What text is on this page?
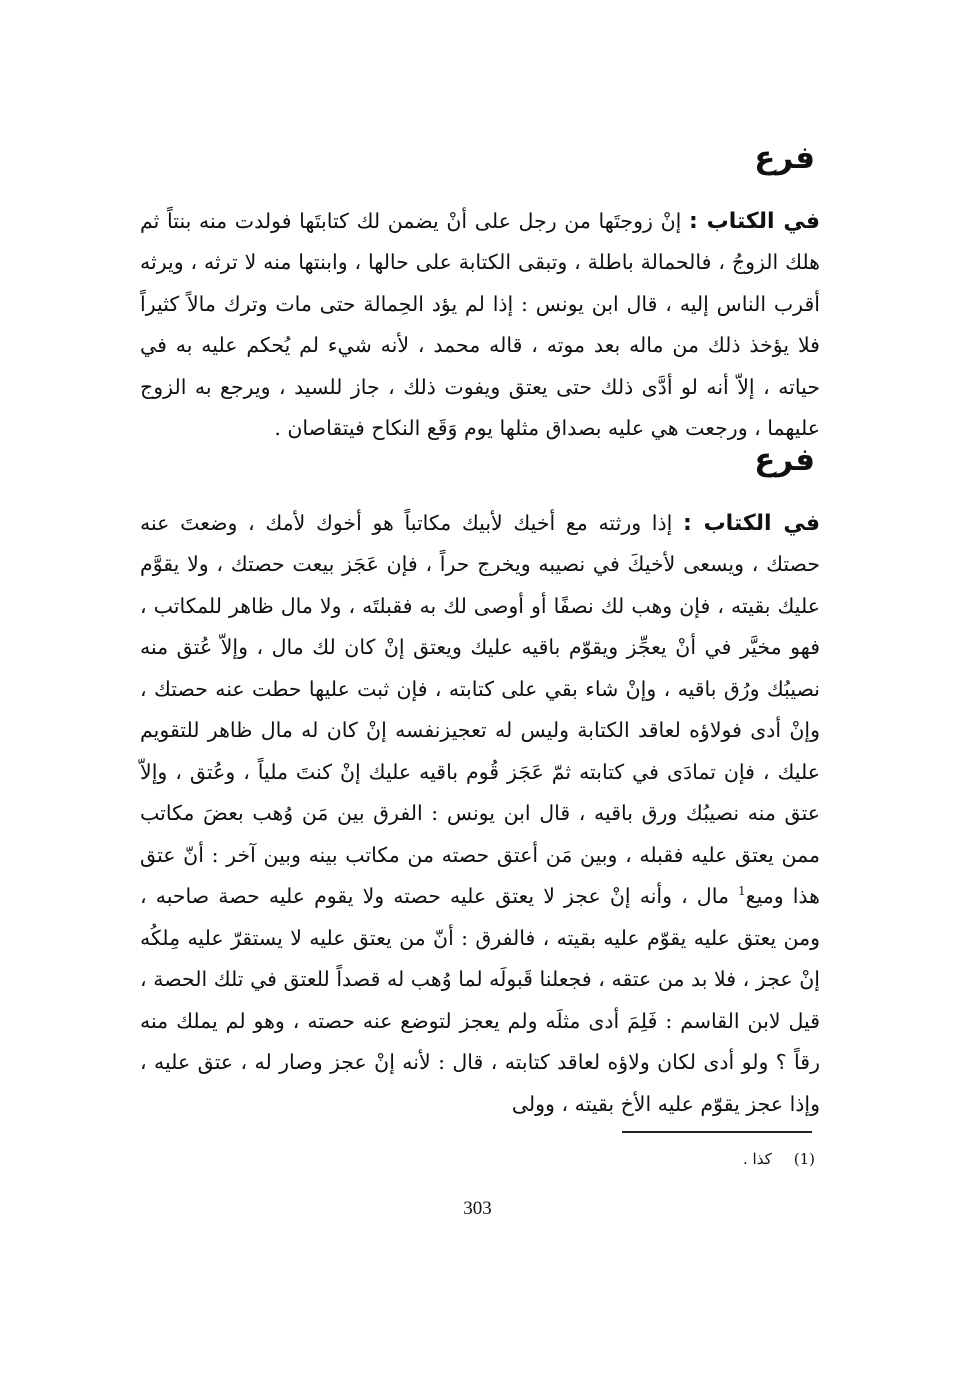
فرع

في الكتاب : إنْ زوجتَها من رجل على أنْ يضمن لك كتابتَها فولدت منه بنتاً ثم هلك الزوجُ ، فالحمالة باطلة ، وتبقى الكتابة على حالها ، وابنتها منه لا ترثه ، ويرثه أقرب الناس إليه ، قال ابن يونس : إذا لم يؤد الحِمالة حتى مات وترك مالاً كثيراً فلا يؤخذ ذلك من ماله بعد موته ، قاله محمد ، لأنه شيء لم يُحكم عليه به في حياته ، إلاّ أنه لو أدَّى ذلك حتى يعتق ويفوت ذلك ، جاز للسيد ، ويرجع به الزوج عليهما ، ورجعت هي عليه بصداق مثلها يوم وَقَع النكاح فيتقاصان .

فرع

في الكتاب : إذا ورثته مع أخيك لأبيك مكاتباً هو أخوك لأمك ، وضعتَ عنه حصتك ، ويسعى لأخيكَ في نصيبه ويخرج حراً ، فإن عَجَز بيعت حصتك ، ولا يقوَّم عليك بقيته ، فإن وهب لك نصفًا أو أوصى لك به فقبلتَه ، ولا مال ظاهر للمكاتب ، فهو مخيَّر في أنْ يعجِّز ويقوّم باقيه عليك ويعتق إنْ كان لك مال ، وإلاّ عُتق منه نصيبُك ورُق باقيه ، وإنْ شاء بقي على كتابته ، فإن ثبت عليها حطت عنه حصتك ، وإنْ أدى فولاؤه لعاقد الكتابة وليس له تعجيزنفسه إنْ كان له مال ظاهر للتقويم عليك ، فإن تمادَى في كتابته ثمّ عَجَز قُوم باقيه عليك إنْ كنتَ ملياً ، وعُتق ، وإلاّ عتق منه نصيبُك ورق باقيه ، قال ابن يونس : الفرق بين مَن وُهب بعضَ مكاتب ممن يعتق عليه فقبله ، وبين مَن أعتق حصته من مكاتب بينه وبين آخر : أنّ عتق هذا وميع$^1$ مال ، وأنه إنْ عجز لا يعتق عليه حصته ولا يقوم عليه حصة صاحبه ، ومن يعتق عليه يقوّم عليه بقيته ، فالفرق : أنّ من يعتق عليه لا يستقرّ عليه مِلكُه إنْ عجز ، فلا بد من عتقه ، فجعلنا قَبولَه لما وُهب له قصداً للعتق في تلك الحصة ، قيل لابن القاسم : فَلِمَ أدى مثلَه ولم يعجز لتوضع عنه حصته ، وهو لم يملك منه رقاً ؟ ولو أدى لكان ولاؤه لعاقد كتابته ، قال : لأنه إنْ عجز وصار له ، عتق عليه ، وإذا عجز يقوّم عليه الأخ بقيته ، وولى

(1)كذا .
303
